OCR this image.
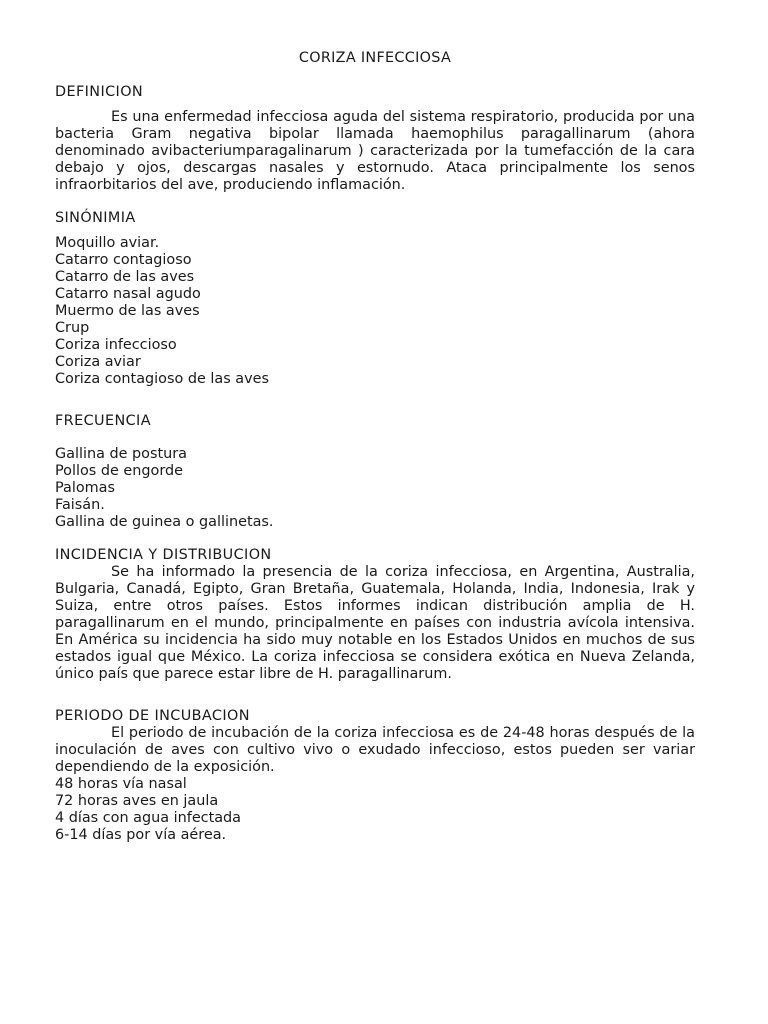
CORIZA INFECCIOSA
DEFINICION

Es una enfermedad infecciosa aguda del sistema respiratorio, producida por una bacteria Gram negativa bipolar llamada haemophilus paragallinarum (ahora denominado avibacteriumparagalinarum ) caracterizada por la tumefacción de la cara debajo y ojos, descargas nasales y estornudo. Ataca principalmente los senos infraorbitarios del ave, produciendo inflamación.

SINÓNIMIA
Moquillo aviar.
Catarro contagioso
Catarro de las aves
Catarro nasal agudo
Muermo de las aves
Crup
Coriza infeccioso
Coriza aviar
Coriza contagioso de las aves
FRECUENCIA
Gallina de postura
Pollos de engorde
Palomas
Faisán.
Gallina de guinea o gallinetas.
INCIDENCIA Y DISTRIBUCION

Se ha informado la presencia de la coriza infecciosa, en Argentina, Australia, Bulgaria, Canadá, Egipto, Gran Bretaña, Guatemala, Holanda, India, Indonesia, Irak y Suiza, entre otros países. Estos informes indican distribución amplia de H. paragallinarum en el mundo, principalmente en países con industria avícola intensiva. En América su incidencia ha sido muy notable en los Estados Unidos en muchos de sus estados igual que México. La coriza infecciosa se considera exótica en Nueva Zelanda, único país que parece estar libre de H. paragallinarum.

PERIODO DE INCUBACION

El periodo de incubación de la coriza infecciosa es de 24-48 horas después de la inoculación de aves con cultivo vivo o exudado infeccioso, estos pueden ser variar dependiendo de la exposición.

48 horas vía nasal
72 horas aves en jaula
4 días con agua infectada
6-14 días por vía aérea.
